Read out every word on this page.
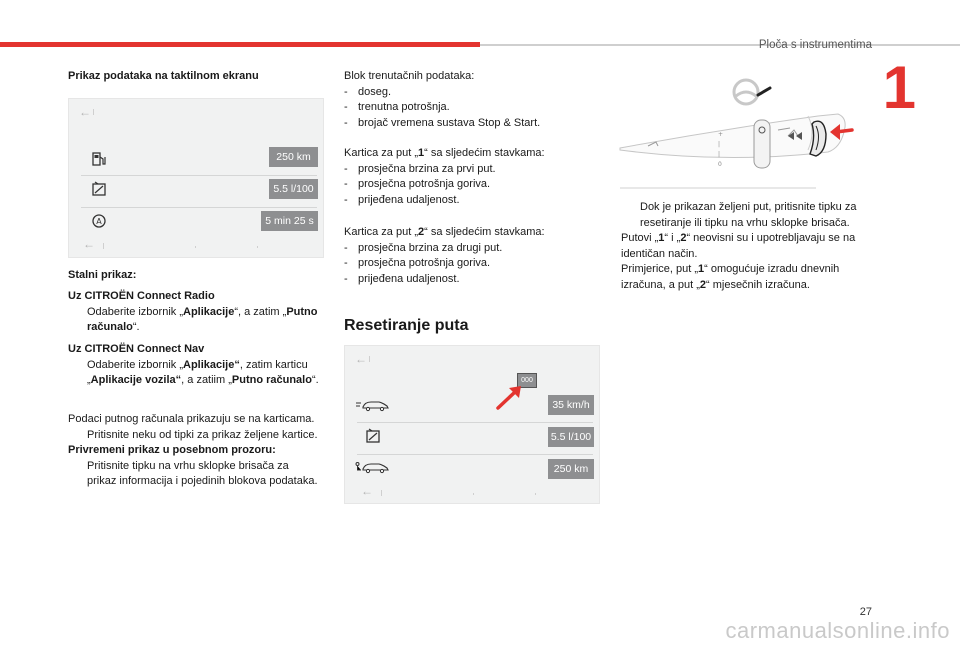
Ploča s instrumentima
1
27
carmanualsonline.info
Prikaz podataka na taktilnom ekranu
←
250 km
5.5 l/100
A	5 min 25 s
←
Stalni prikaz:
Uz CITROËN Connect Radio
Odaberite izbornik „Aplikacije“, a zatim „Putno računalo“.
Uz CITROËN Connect Nav
Odaberite izbornik „Aplikacije“, zatim karticu „Aplikacije vozila“, a zatiim „Putno računalo“.
Podaci putnog računala prikazuju se na karticama.
Pritisnite neku od tipki za prikaz željene kartice.
Privremeni prikaz u posebnom prozoru:
Pritisnite tipku na vrhu sklopke brisača za prikaz informacija i pojedinih blokova podataka.
Blok trenutačnih podataka:
- doseg.
- trenutna potrošnja.
- brojač vremena sustava Stop & Start.
Kartica za put „1“ sa sljedećim stavkama:
- prosječna brzina za prvi put.
- prosječna potrošnja goriva.
- prijeđena udaljenost.
Kartica za put „2“ sa sljedećim stavkama:
- prosječna brzina za drugi put.
- prosječna potrošnja goriva.
- prijeđena udaljenost.
Resetiranje puta
←
000
35 km/h
5.5 l/100
250 km
←
+
|
|
0
Dok je prikazan željeni put, pritisnite tipku za resetiranje ili tipku na vrhu sklopke brisača.
Putovi „1“ i „2“ neovisni su i upotrebljavaju se na identičan način.
Primjerice, put „1“ omogućuje izradu dnevnih izračuna, a put „2“ mjesečnih izračuna.
